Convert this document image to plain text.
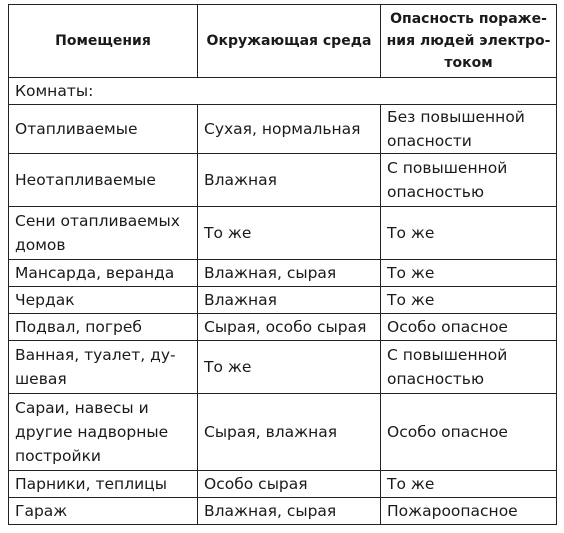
Помещения	Окружающая среда	Опасность пораже-
ния людей электро-
током
Комнаты:		
Отапливаемые	Сухая, нормальная	Без повышенной
опасности
Неотапливаемые	Влажная	С повышенной
опасностью
Сени отапливаемых
домов	То же	То же
Мансарда, веранда	Влажная, сырая	То же
Чердак	Влажная	То же
Подвал, погреб	Сырая, особо сырая	Особо опасное
Ванная, туалет, ду-
шевая	То же	С повышенной
опасностью
Сараи, навесы и
другие надворные
постройки	Сырая, влажная	Особо опасное
Парники, теплицы	Особо сырая	То же
Гараж	Влажная, сырая	Пожароопасное
